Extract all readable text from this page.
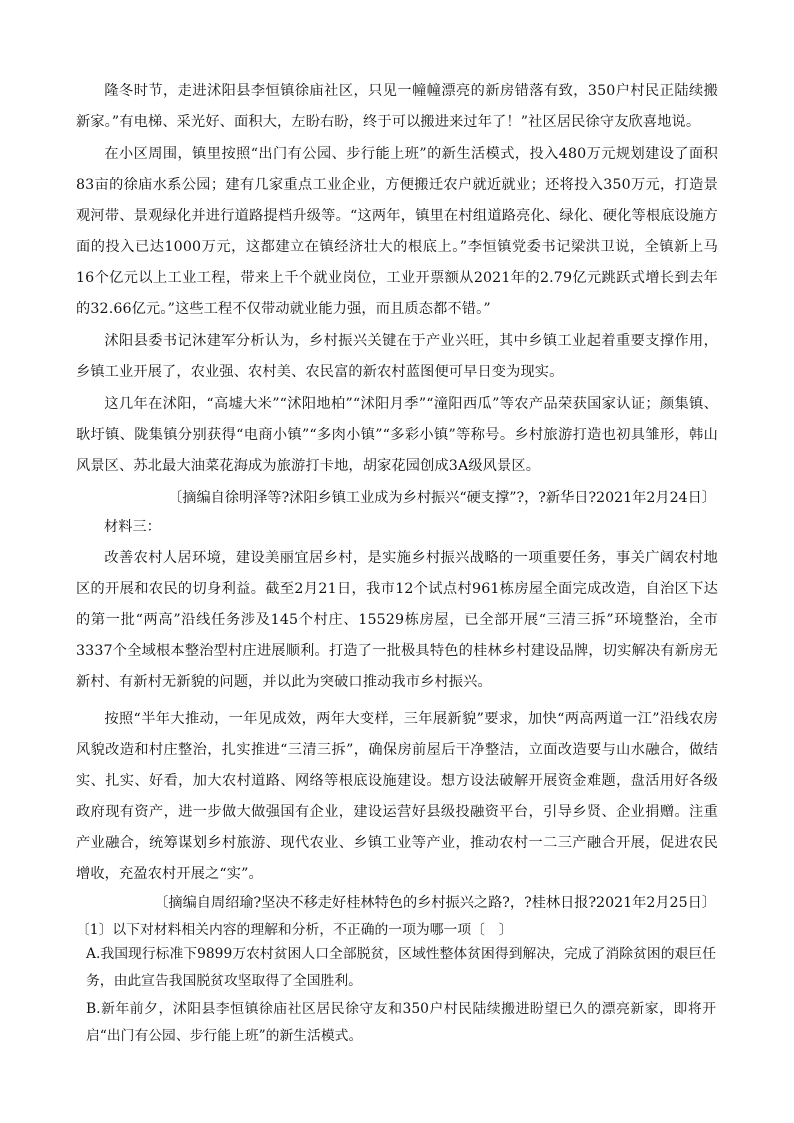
隆冬时节，走进沭阳县李恒镇徐庙社区，只见一幢幢漂亮的新房错落有致，350户村民正陆续搬新家。”有电梯、采光好、面积大，左盼右盼，终于可以搬进来过年了！”社区居民徐守友欣喜地说。
在小区周围，镇里按照“出门有公园、步行能上班”的新生活模式，投入480万元规划建设了面积83亩的徐庙水系公园；建有几家重点工业企业，方便搬迁农户就近就业；还将投入350万元，打造景观河带、景观绿化并进行道路提档升级等。“这两年，镇里在村组道路亮化、绿化、硬化等根底设施方面的投入已达1000万元，这都建立在镇经济壮大的根底上。”李恒镇党委书记梁洪卫说，全镇新上马16个亿元以上工业工程，带来上千个就业岗位，工业开票额从2021年的2.79亿元跳跃式增长到去年的32.66亿元。”这些工程不仅带动就业能力强，而且质态都不错。”
沭阳县委书记沐建军分析认为，乡村振兴关键在于产业兴旺，其中乡镇工业起着重要支撑作用，乡镇工业开展了，农业强、农村美、农民富的新农村蓝图便可早日变为现实。
这几年在沭阳，“高墟大米”“沭阳地柏”“沭阳月季”“潼阳西瓜”等农产品荣获国家认证；颜集镇、耿圩镇、陇集镇分别获得“电商小镇”“多肉小镇”“多彩小镇”等称号。乡村旅游打造也初具雏形，韩山风景区、苏北最大油菜花海成为旅游打卡地，胡家花园创成3A级风景区。
〔摘编自徐明泽等?沭阳乡镇工业成为乡村振兴“硬支撑”?，?新华日?2021年2月24日〕
材料三：
改善农村人居环境，建设美丽宜居乡村，是实施乡村振兴战略的一项重要任务，事关广阔农村地区的开展和农民的切身利益。截至2月21日，我市12个试点村961栋房屋全面完成改造，自治区下达的第一批“两高”沿线任务涉及145个村庄、15529栋房屋，已全部开展“三清三拆”环境整治，全市3337个全域根本整治型村庄进展顺利。打造了一批极具特色的桂林乡村建设品牌，切实解决有新房无新村、有新村无新貌的问题，并以此为突破口推动我市乡村振兴。
按照“半年大推动，一年见成效，两年大变样，三年展新貌”要求，加快“两高两道一江”沿线农房风貌改造和村庄整治，扎实推进“三清三拆”，确保房前屋后干净整洁，立面改造要与山水融合，做结实、扎实、好看，加大农村道路、网络等根底设施建设。想方设法破解开展资金难题，盘活用好各级政府现有资产，进一步做大做强国有企业，建设运营好县级投融资平台，引导乡贤、企业捐赠。注重产业融合，统筹谋划乡村旅游、现代农业、乡镇工业等产业，推动农村一二三产融合开展，促进农民增收，充盈农村开展之“实”。
〔摘编自周绍瑜?坚决不移走好桂林特色的乡村振兴之路?，?桂林日报?2021年2月25日〕
〔1〕以下对材料相关内容的理解和分析，不正确的一项为哪一项〔　〕
A.我国现行标准下9899万农村贫困人口全部脱贫，区域性整体贫困得到解决，完成了消除贫困的艰巨任务，由此宣告我国脱贫攻坚取得了全国胜利。
B.新年前夕，沭阳县李恒镇徐庙社区居民徐守友和350户村民陆续搬进盼望已久的漂亮新家，即将开启“出门有公园、步行能上班”的新生活模式。
